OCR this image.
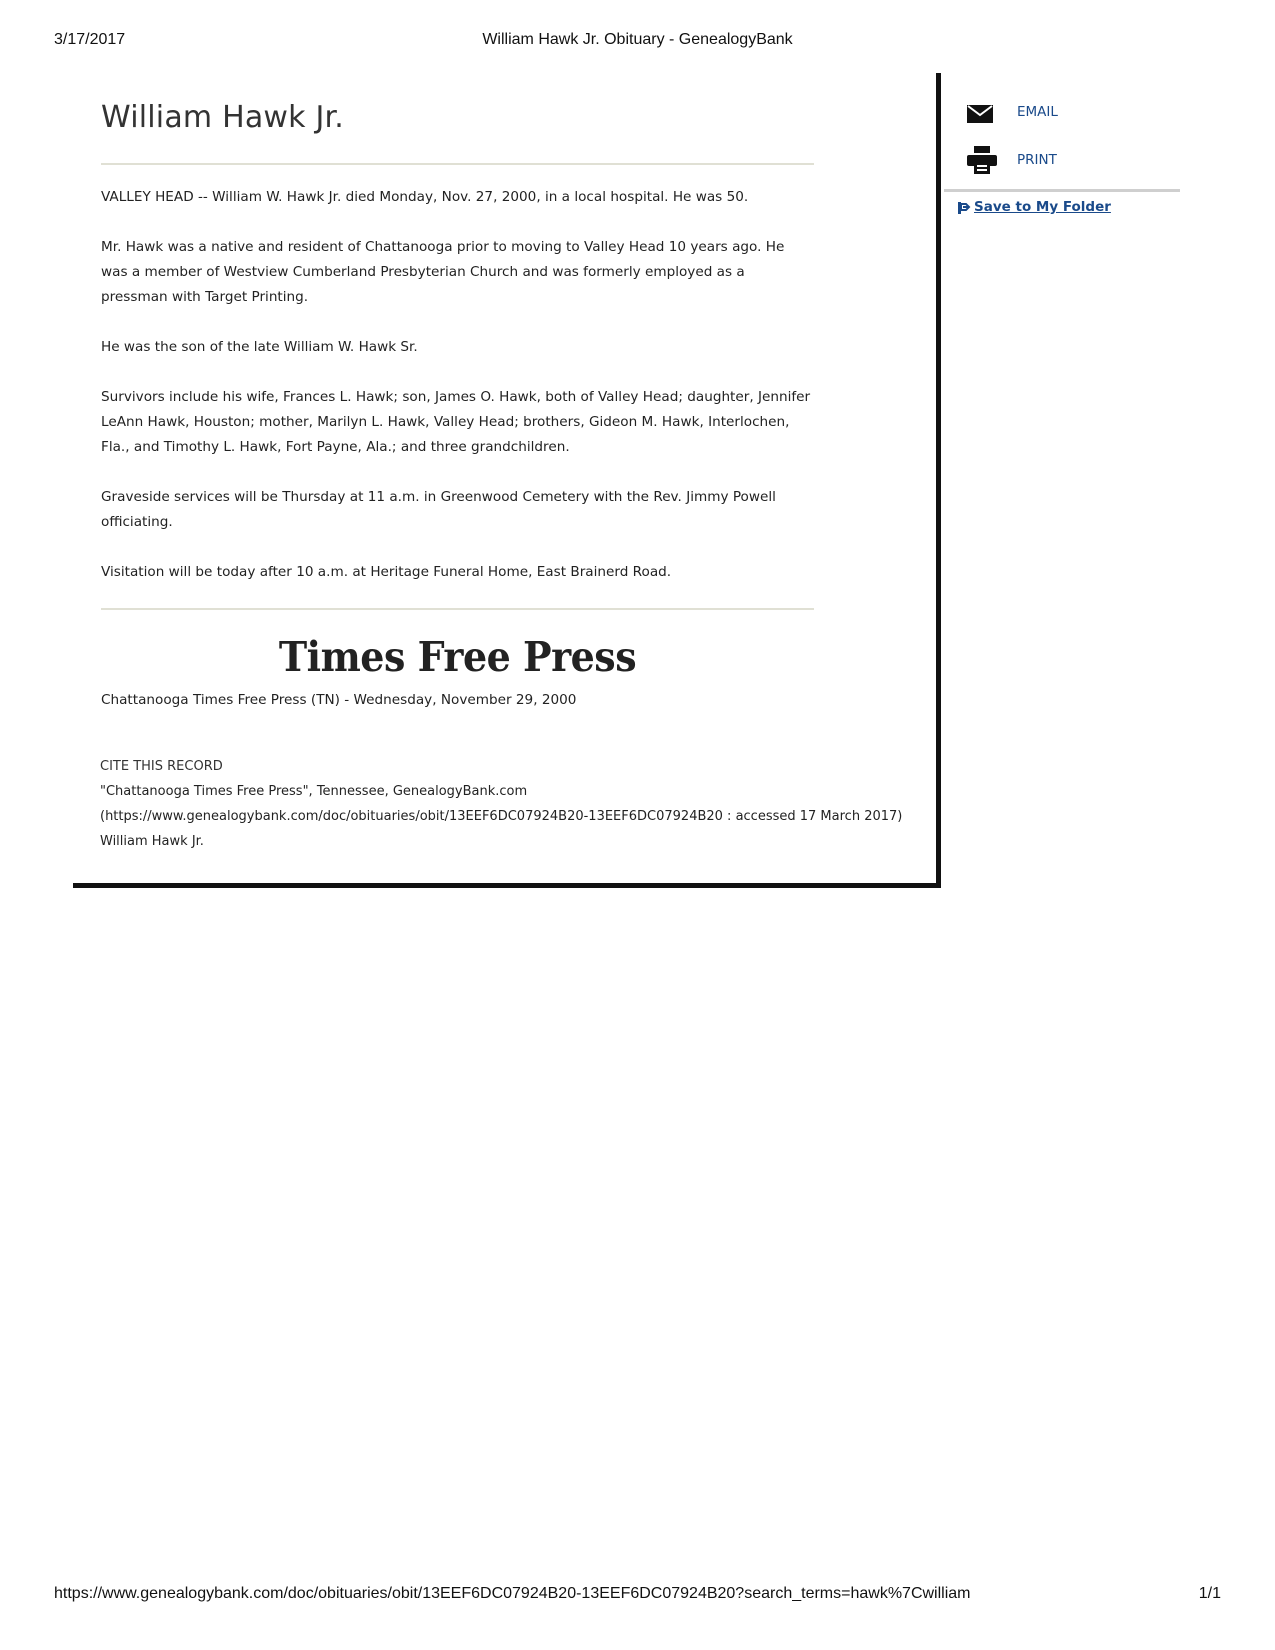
3/17/2017	William Hawk Jr. Obituary - GenealogyBank
William Hawk Jr.

VALLEY HEAD -- William W. Hawk Jr. died Monday, Nov. 27, 2000, in a local hospital. He was 50.

Mr. Hawk was a native and resident of Chattanooga prior to moving to Valley Head 10 years ago. He was a member of Westview Cumberland Presbyterian Church and was formerly employed as a pressman with Target Printing.

He was the son of the late William W. Hawk Sr.

Survivors include his wife, Frances L. Hawk; son, James O. Hawk, both of Valley Head; daughter, Jennifer LeAnn Hawk, Houston; mother, Marilyn L. Hawk, Valley Head; brothers, Gideon M. Hawk, Interlochen, Fla., and Timothy L. Hawk, Fort Payne, Ala.; and three grandchildren.

Graveside services will be Thursday at 11 a.m. in Greenwood Cemetery with the Rev. Jimmy Powell officiating.

Visitation will be today after 10 a.m. at Heritage Funeral Home, East Brainerd Road.

Times Free Press
Chattanooga Times Free Press (TN) - Wednesday, November 29, 2000
CITE THIS RECORD
"Chattanooga Times Free Press", Tennessee, GenealogyBank.com
(https://www.genealogybank.com/doc/obituaries/obit/13EEF6DC07924B20-13EEF6DC07924B20 : accessed 17 March 2017)
William Hawk Jr.
EMAIL
PRINT
Save to My Folder
https://www.genealogybank.com/doc/obituaries/obit/13EEF6DC07924B20-13EEF6DC07924B20?search_terms=hawk%7Cwilliam	1/1
